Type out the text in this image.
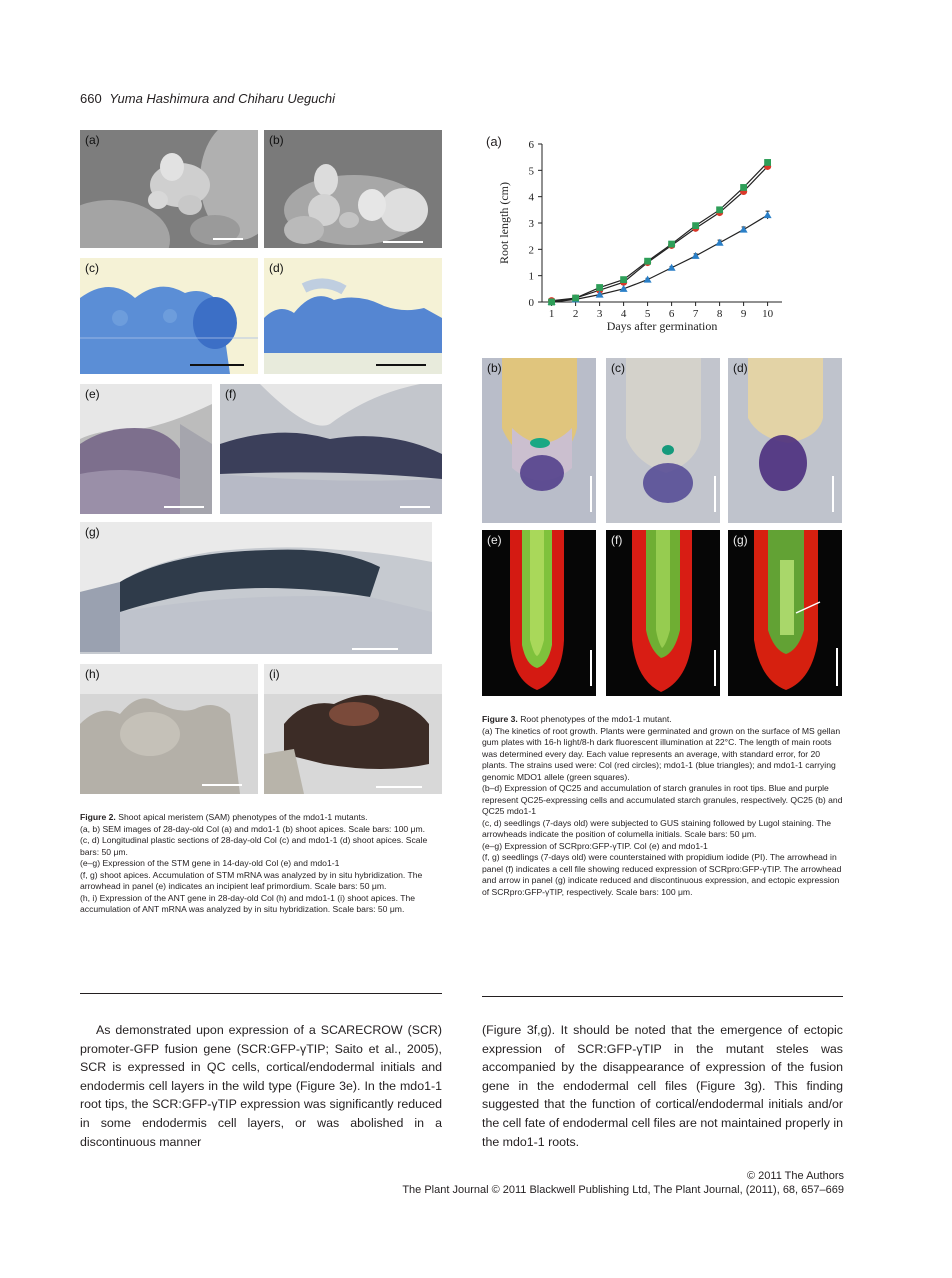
660 Yuma Hashimura and Chiharu Ueguchi
(a)	(b)
(c)	(d)
(e)	(f)
(g)
(h)	(i)

Figure 2. Shoot apical meristem (SAM) phenotypes of the mdo1-1 mutants.

(a, b) SEM images of 28-day-old Col (a) and mdo1-1 (b) shoot apices. Scale bars: 100 μm.

(c, d) Longitudinal plastic sections of 28-day-old Col (c) and mdo1-1 (d) shoot apices. Scale bars: 50 μm.

(e–g) Expression of the STM gene in 14-day-old Col (e) and mdo1-1

(f, g) shoot apices. Accumulation of STM mRNA was analyzed by in situ hybridization. The arrowhead in panel (e) indicates an incipient leaf primordium. Scale bars: 50 μm.

(h, i) Expression of the ANT gene in 28-day-old Col (h) and mdo1-1 (i) shoot apices. The accumulation of ANT mRNA was analyzed by in situ hybridization. Scale bars: 50 μm.

(a)
0
1
2
3
4
5
6
1 2 3 4 5 6 7 8 9 10
Days after germination
Root length (cm)
(b)	(c)	(d)
(e)	(f)	(g)

Figure 3. Root phenotypes of the mdo1-1 mutant.

(a) The kinetics of root growth. Plants were germinated and grown on the surface of MS gellan gum plates with 16-h light/8-h dark fluorescent illumination at 22°C. The length of main roots was determined every day. Each value represents an average, with standard error, for 20 plants. The strains used were: Col (red circles); mdo1-1 (blue triangles); and mdo1-1 carrying genomic MDO1 allele (green squares).

(b–d) Expression of QC25 and accumulation of starch granules in root tips. Blue and purple represent QC25-expressing cells and accumulated starch granules, respectively. QC25 (b) and QC25 mdo1-1

(c, d) seedlings (7-days old) were subjected to GUS staining followed by Lugol staining. The arrowheads indicate the position of columella initials. Scale bars: 50 μm.

(e–g) Expression of SCRpro:GFP-γTIP. Col (e) and mdo1-1

(f, g) seedlings (7-days old) were counterstained with propidium iodide (PI). The arrowhead in panel (f) indicates a cell file showing reduced expression of SCRpro:GFP-γTIP. The arrowhead and arrow in panel (g) indicate reduced and discontinuous expression, and ectopic expression of SCRpro:GFP-γTIP, respectively. Scale bars: 100 μm.

As demonstrated upon expression of a SCARECROW (SCR) promoter-GFP fusion gene (SCR:GFP-γTIP; Saito et al., 2005), SCR is expressed in QC cells, cortical/endodermal initials and endodermis cell layers in the wild type (Figure 3e). In the mdo1-1 root tips, the SCR:GFP-γTIP expression was significantly reduced in some endodermis cell layers, or was abolished in a discontinuous manner

(Figure 3f,g). It should be noted that the emergence of ectopic expression of SCR:GFP-γTIP in the mutant steles was accompanied by the disappearance of expression of the fusion gene in the endodermal cell files (Figure 3g). This finding suggested that the function of cortical/endodermal initials and/or the cell fate of endodermal cell files are not maintained properly in the mdo1-1 roots.

© 2011 The Authors
The Plant Journal © 2011 Blackwell Publishing Ltd, The Plant Journal, (2011), 68, 657–669
